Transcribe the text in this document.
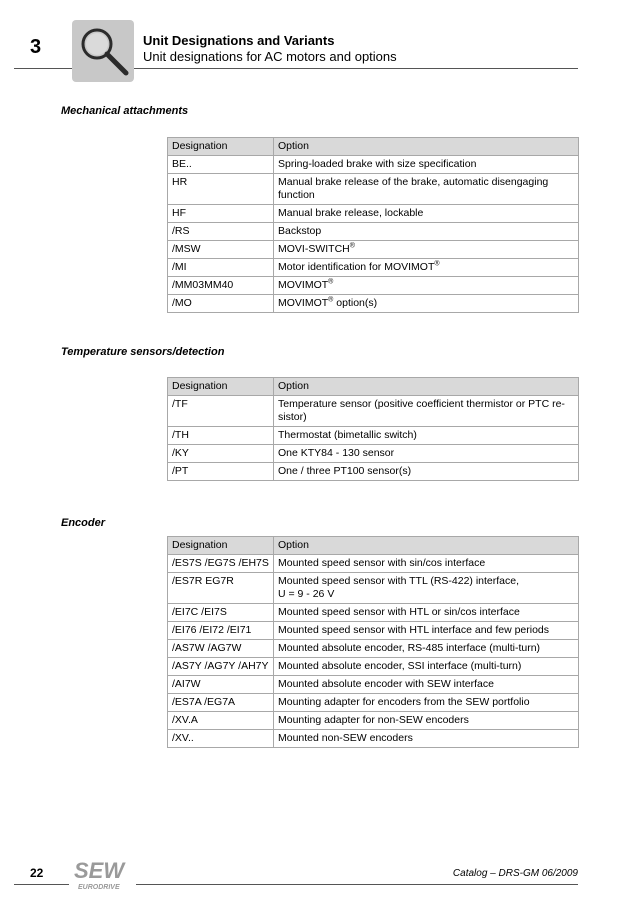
3	Unit Designations and Variants
Unit designations for AC motors and options
Mechanical attachments
Designation	Option
BE..	Spring-loaded brake with size specification
HR	Manual brake release of the brake, automatic disengaging function
HF	Manual brake release, lockable
/RS	Backstop
/MSW	MOVI-SWITCH®
/MI	Motor identification for MOVIMOT®
/MM03MM40	MOVIMOT®
/MO	MOVIMOT® option(s)
Temperature sensors/detection
Designation	Option
/TF	Temperature sensor (positive coefficient thermistor or PTC re-sistor)
/TH	Thermostat (bimetallic switch)
/KY	One KTY84 - 130 sensor
/PT	One / three PT100 sensor(s)
Encoder
Designation	Option
/ES7S /EG7S /EH7S	Mounted speed sensor with sin/cos interface
/ES7R EG7R	Mounted speed sensor with TTL (RS-422) interface,
U = 9 - 26 V
/EI7C /EI7S	Mounted speed sensor with HTL or sin/cos interface
/EI76 /EI72 /EI71	Mounted speed sensor with HTL interface and few periods
/AS7W /AG7W	Mounted absolute encoder, RS-485 interface (multi-turn)
/AS7Y /AG7Y /AH7Y	Mounted absolute encoder, SSI interface (multi-turn)
/AI7W	Mounted absolute encoder with SEW interface
/ES7A /EG7A	Mounting adapter for encoders from the SEW portfolio
/XV.A	Mounting adapter for non-SEW encoders
/XV..	Mounted non-SEW encoders
22 SEW
EURODRIVE
Catalog – DRS-GM 06/2009
